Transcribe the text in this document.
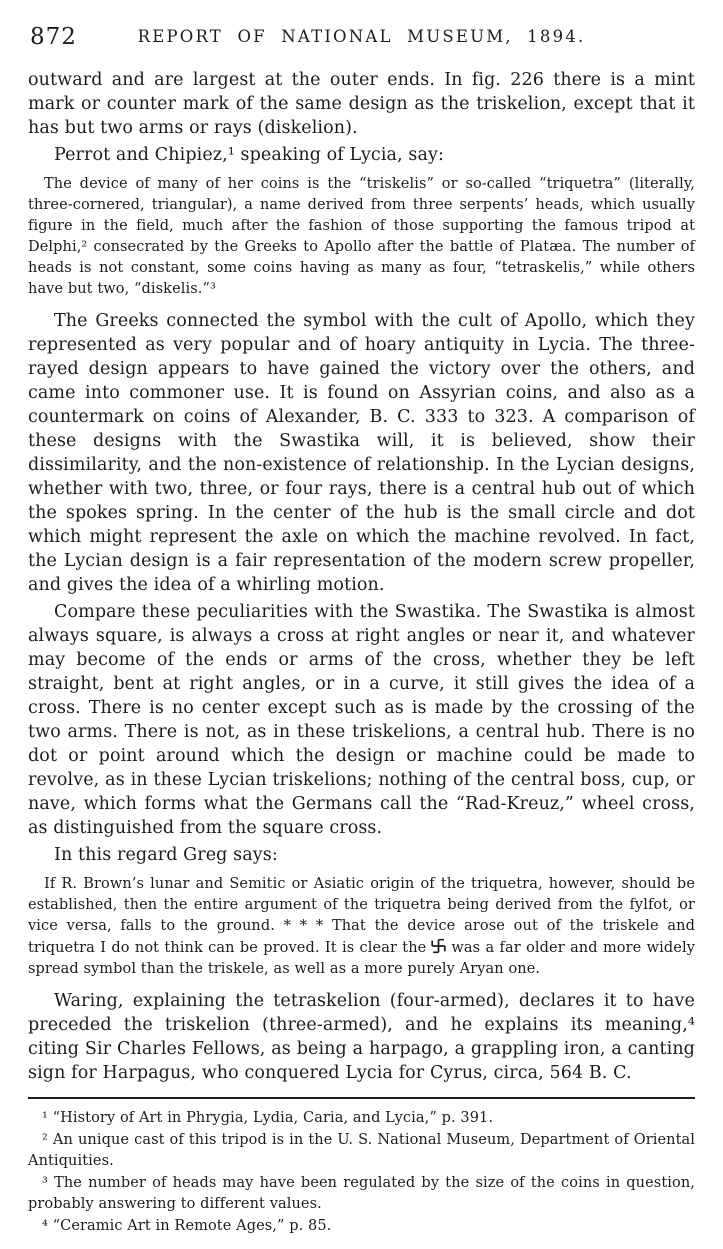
872	REPORT OF NATIONAL MUSEUM, 1894.

outward and are largest at the outer ends. In fig. 226 there is a mint mark or counter mark of the same design as the triskelion, except that it has but two arms or rays (diskelion).

Perrot and Chipiez,¹ speaking of Lycia, say:

The device of many of her coins is the “triskelis” or so-called “triquetra” (literally, three-cornered, triangular), a name derived from three serpents’ heads, which usually figure in the field, much after the fashion of those supporting the famous tripod at Delphi,² consecrated by the Greeks to Apollo after the battle of Platæa. The number of heads is not constant, some coins having as many as four, “tetraskelis,” while others have but two, “diskelis.”³

The Greeks connected the symbol with the cult of Apollo, which they represented as very popular and of hoary antiquity in Lycia. The three-rayed design appears to have gained the victory over the others, and came into commoner use. It is found on Assyrian coins, and also as a countermark on coins of Alexander, B. C. 333 to 323. A comparison of these designs with the Swastika will, it is believed, show their dissimilarity, and the non-existence of relationship. In the Lycian designs, whether with two, three, or four rays, there is a central hub out of which the spokes spring. In the center of the hub is the small circle and dot which might represent the axle on which the machine revolved. In fact, the Lycian design is a fair representation of the modern screw propeller, and gives the idea of a whirling motion.

Compare these peculiarities with the Swastika. The Swastika is almost always square, is always a cross at right angles or near it, and whatever may become of the ends or arms of the cross, whether they be left straight, bent at right angles, or in a curve, it still gives the idea of a cross. There is no center except such as is made by the crossing of the two arms. There is not, as in these triskelions, a central hub. There is no dot or point around which the design or machine could be made to revolve, as in these Lycian triskelions; nothing of the central boss, cup, or nave, which forms what the Germans call the “Rad-Kreuz,” wheel cross, as distinguished from the square cross.

In this regard Greg says:

If R. Brown’s lunar and Semitic or Asiatic origin of the triquetra, however, should be established, then the entire argument of the triquetra being derived from the fylfot, or vice versa, falls to the ground. * * * That the device arose out of the triskele and triquetra I do not think can be proved. It is clear the was a far older and more widely spread symbol than the triskele, as well as a more purely Aryan one.

Waring, explaining the tetraskelion (four-armed), declares it to have preceded the triskelion (three-armed), and he explains its meaning,⁴ citing Sir Charles Fellows, as being a harpago, a grappling iron, a canting sign for Harpagus, who conquered Lycia for Cyrus, circa, 564 B. C.

¹ “History of Art in Phrygia, Lydia, Caria, and Lycia,” p. 391.

² An unique cast of this tripod is in the U. S. National Museum, Department of Oriental Antiquities.

³ The number of heads may have been regulated by the size of the coins in question, probably answering to different values.

⁴ “Ceramic Art in Remote Ages,” p. 85.
